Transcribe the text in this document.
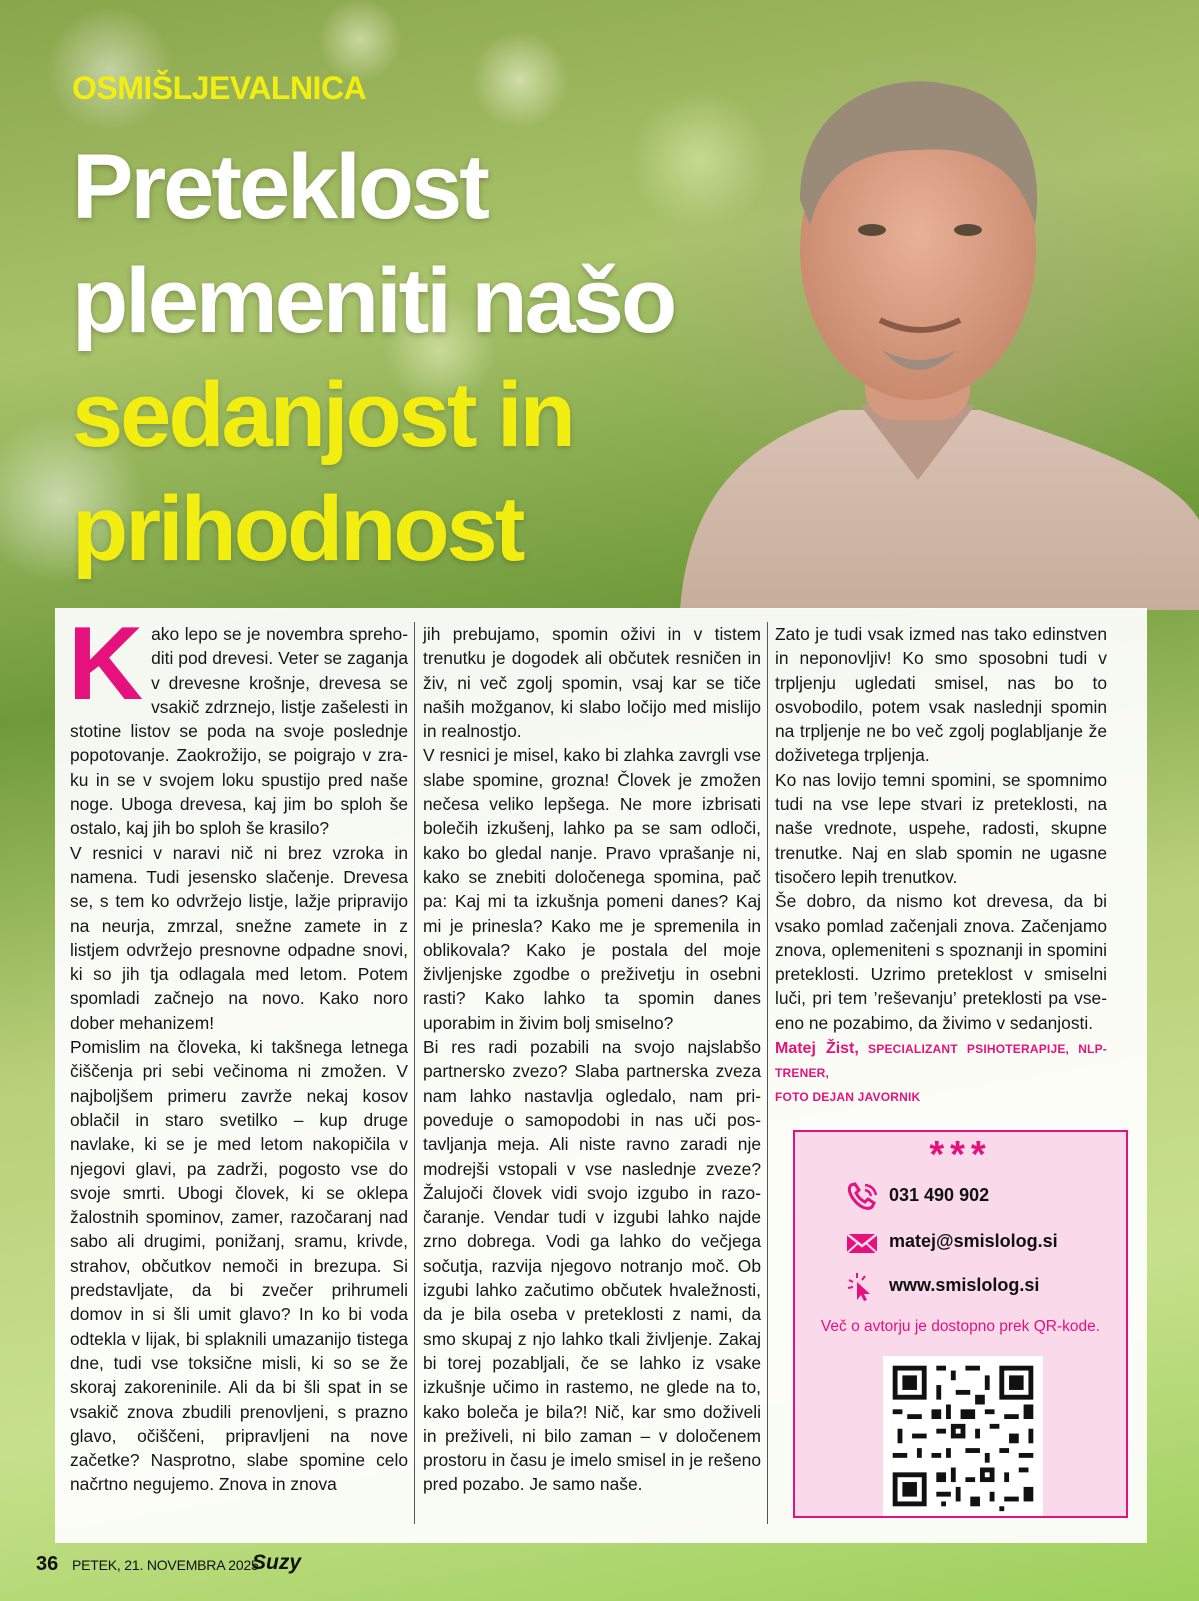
OSMIŠLJEVALNICA
Preteklost
plemeniti našo
sedanjost in
prihodnost

Kako lepo se je novembra sprehoditi pod drevesi. Veter se zaganja v drevesne krošnje, drevesa se vsakič zdrznejo, listje zašelesti in stotine listov se poda na svoje poslednje popotovanje. Zaokrožijo, se poigrajo v zraku in se v svojem loku spustijo pred naše noge. Uboga drevesa, kaj jim bo sploh še ostalo, kaj jih bo sploh še krasilo?

V resnici v naravi nič ni brez vzroka in namena. Tudi jesensko slačenje. Drevesa se, s tem ko odvržejo listje, lažje pripravijo na neurja, zmrzal, snežne zamete in z listjem odvržejo presnovne odpadne snovi, ki so jih tja odlagala med letom. Potem spomladi začnejo na novo. Kako noro dober mehanizem!

Pomislim na človeka, ki takšnega letnega čiščenja pri sebi večinoma ni zmožen. V najboljšem primeru zavrže nekaj kosov oblačil in staro svetilko – kup druge navlake, ki se je med letom nakopičila v njegovi glavi, pa zadrži, pogosto vse do svoje smrti. Ubogi človek, ki se oklepa žalostnih spominov, zamer, razočaranj nad sabo ali drugimi, ponižanj, sramu, krivde, strahov, občutkov nemoči in brezupa. Si predstavljate, da bi zvečer prihrumeli domov in si šli umit glavo? In ko bi voda odtekla v lijak, bi splaknili umazanijo tistega dne, tudi vse toksične misli, ki so se že skoraj zakoreninile. Ali da bi šli spat in se vsakič znova zbudili prenovljeni, s prazno glavo, očiščeni, pripravljeni na nove začetke? Nasprotno, slabe spomine celo načrtno negujemo. Znova in znova

jih prebujamo, spomin oživi in v tistem trenutku je dogodek ali občutek resničen in živ, ni več zgolj spomin, vsaj kar se tiče naših možganov, ki slabo ločijo med mislijo in realnostjo.

V resnici je misel, kako bi zlahka zavrgli vse slabe spomine, grozna! Človek je zmožen nečesa veliko lepšega. Ne more izbrisati bolečih izkušenj, lahko pa se sam odloči, kako bo gledal nanje. Pravo vprašanje ni, kako se znebiti določenega spomina, pač pa: Kaj mi ta izkušnja pomeni danes? Kaj mi je prinesla? Kako me je spremenila in oblikovala? Kako je postala del moje življenjske zgodbe o preživetju in osebni rasti? Kako lahko ta spomin danes uporabim in živim bolj smiselno?

Bi res radi pozabili na svojo najslabšo partnersko zvezo? Slaba partnerska zveza nam lahko nastavlja ogledalo, nam pripoveduje o samopodobi in nas uči postavljanja meja. Ali niste ravno zaradi nje modrejši vstopali v vse naslednje zveze? Žalujoči človek vidi svojo izgubo in razočaranje. Vendar tudi v izgubi lahko najde zrno dobrega. Vodi ga lahko do večjega sočutja, razvija njegovo notranjo moč. Ob izgubi lahko začutimo občutek hvaležnosti, da je bila oseba v preteklosti z nami, da smo skupaj z njo lahko tkali življenje. Zakaj bi torej pozabljali, če se lahko iz vsake izkušnje učimo in rastemo, ne glede na to, kako boleča je bila?! Nič, kar smo doživeli in preživeli, ni bilo zaman – v določenem prostoru in času je imelo smisel in je rešeno pred pozabo. Je samo naše.

Zato je tudi vsak izmed nas tako edinstven in neponovljiv! Ko smo sposobni tudi v trpljenju ugledati smisel, nas bo to osvobodilo, potem vsak naslednji spomin na trpljenje ne bo več zgolj poglabljanje že doživetega trpljenja.

Ko nas lovijo temni spomini, se spomnimo tudi na vse lepe stvari iz preteklosti, na naše vrednote, uspehe, radosti, skupne trenutke. Naj en slab spomin ne ugasne tisočero lepih trenutkov.

Še dobro, da nismo kot drevesa, da bi vsako pomlad začenjali znova. Začenjamo znova, oplemeniteni s spoznanji in spomini preteklosti. Uzrimo preteklost v smiselni luči, pri tem ’reševanju’ preteklosti pa vseeno ne pozabimo, da živimo v sedanjosti.

Matej Žist, SPECIALIZANT PSIHOTERAPIJE, NLP-TRENER,
FOTO DEJAN JAVORNIK
***
031 490 902
matej@smislolog.si
www.smislolog.si
Več o avtorju je dostopno prek QR-kode.
36 PETEK, 21. NOVEMBRA 2025
Suzy
